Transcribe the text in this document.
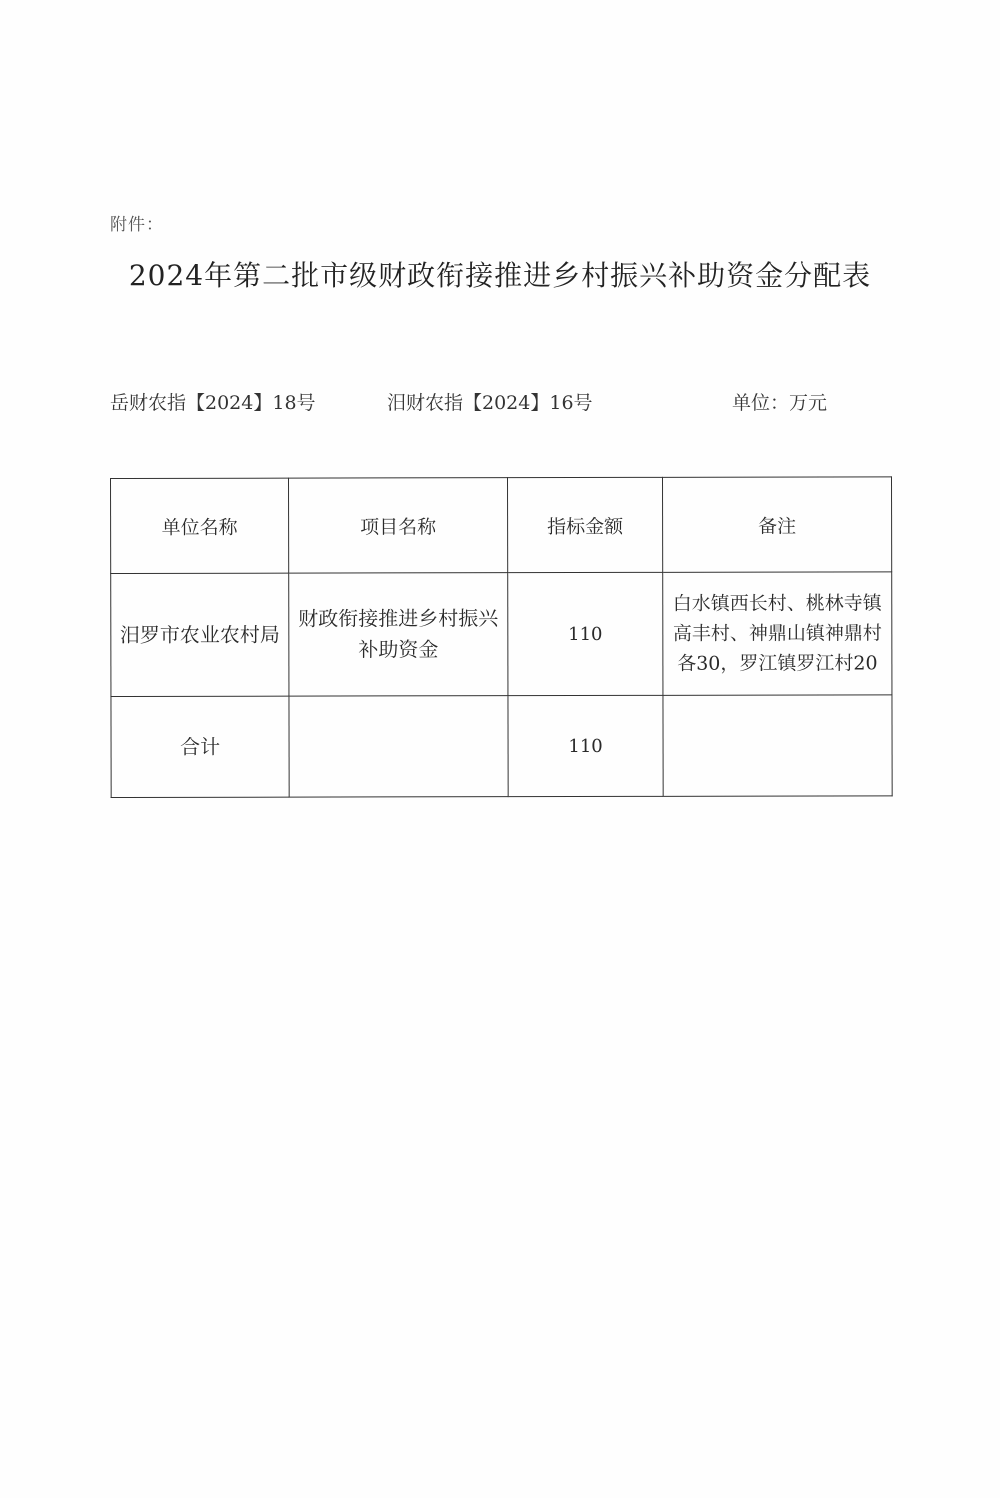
附件：
2024年第二批市级财政衔接推进乡村振兴补助资金分配表
岳财农指【2024】18号	汨财农指【2024】16号	单位：万元
单位名称	项目名称	指标金额	备注
汨罗市农业农村局	财政衔接推进乡村振兴补助资金	110	白水镇西长村、桃林寺镇高丰村、神鼎山镇神鼎村各30，罗江镇罗江村20
合计		110	
